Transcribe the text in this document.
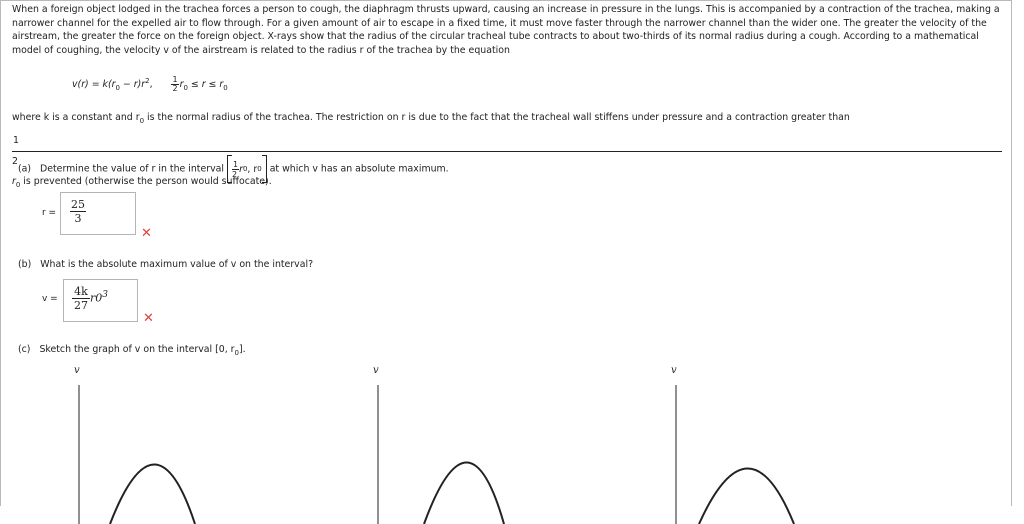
When a foreign object lodged in the trachea forces a person to cough, the diaphragm thrusts upward, causing an increase in pressure in the lungs. This is accompanied by a contraction of the trachea, making a narrower channel for the expelled air to flow through. For a given amount of air to escape in a fixed time, it must move faster through the narrower channel than the wider one. The greater the velocity of the airstream, the greater the force on the foreign object. X-rays show that the radius of the circular tracheal tube contracts to about two-thirds of its normal radius during a cough. According to a mathematical model of coughing, the velocity v of the airstream is related to the radius r of the trachea by the equation

$v(r) = k(r_0 - r)r^2$, $\frac{1}{2} r_0 \le r \le r_0$
where k is a constant and $r_0$ is the normal radius of the trachea. The restriction on r is due to the fact that the tracheal wall stiffens under pressure and a contraction greater than
1
2
$r_0$ is prevented (otherwise the person would suffocate).
(a) Determine the value of r in the interval $\frac{1}{2}$ r 0 , r 0 at which v has an absolute maximum.
$r = \frac{25}{3}$
✕
(b) What is the absolute maximum value of v on the interval?
$v = \frac{4k}{27} r0^3$
✕
(c) Sketch the graph of v on the interval [0, $r_0$].
v	v	v
